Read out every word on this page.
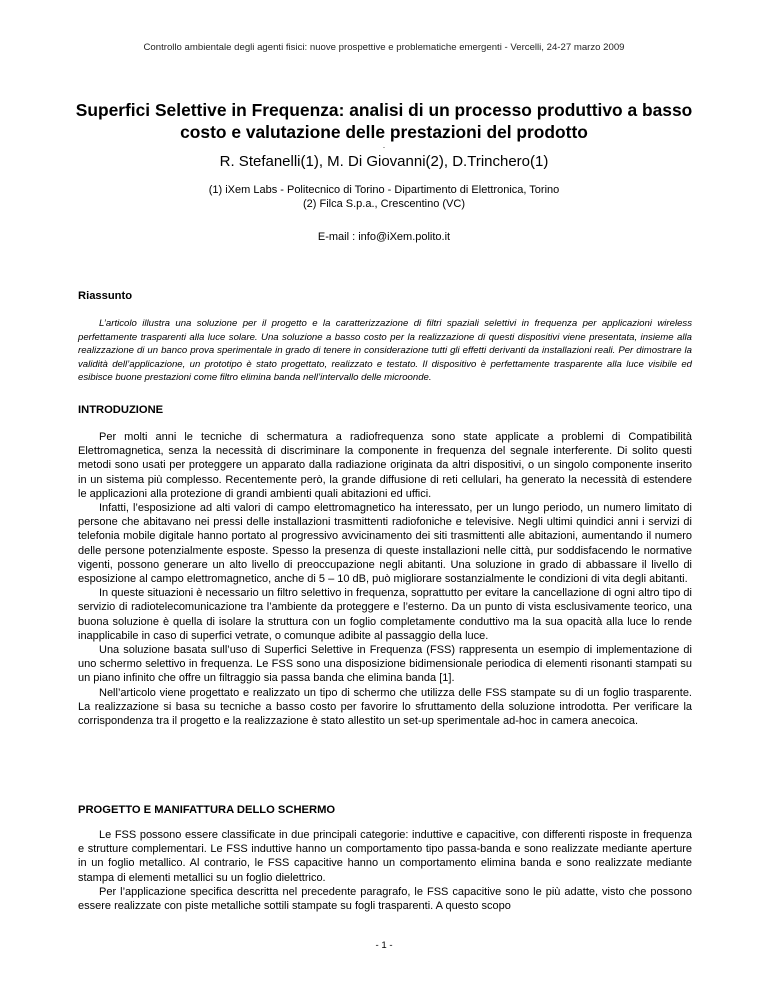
Controllo ambientale degli agenti fisici: nuove prospettive e problematiche emergenti - Vercelli, 24-27 marzo 2009
Superfici Selettive in Frequenza: analisi di un processo produttivo a basso costo e valutazione delle prestazioni del prodotto
.
R. Stefanelli(1), M. Di Giovanni(2), D.Trinchero(1)
(1) iXem Labs - Politecnico di Torino - Dipartimento di Elettronica, Torino
(2) Filca S.p.a., Crescentino (VC)
E-mail : info@iXem.polito.it
Riassunto

L’articolo illustra una soluzione per il progetto e la caratterizzazione di filtri spaziali selettivi in frequenza per applicazioni wireless perfettamente trasparenti alla luce solare. Una soluzione a basso costo per la realizzazione di questi dispositivi viene presentata, insieme alla realizzazione di un banco prova sperimentale in grado di tenere in considerazione tutti gli effetti derivanti da installazioni reali. Per dimostrare la validità dell’applicazione, un prototipo è stato progettato, realizzato e testato. Il dispositivo è perfettamente trasparente alla luce visibile ed esibisce buone prestazioni come filtro elimina banda nell’intervallo delle microonde.

INTRODUZIONE

Per molti anni le tecniche di schermatura a radiofrequenza sono state applicate a problemi di Compatibilità Elettromagnetica, senza la necessità di discriminare la componente in frequenza del segnale interferente. Di solito questi metodi sono usati per proteggere un apparato dalla radiazione originata da altri dispositivi, o un singolo componente inserito in un sistema più complesso. Recentemente però, la grande diffusione di reti cellulari, ha generato la necessità di estendere le applicazioni alla protezione di grandi ambienti quali abitazioni ed uffici.

Infatti, l’esposizione ad alti valori di campo elettromagnetico ha interessato, per un lungo periodo, un numero limitato di persone che abitavano nei pressi delle installazioni trasmittenti radiofoniche e televisive. Negli ultimi quindici anni i servizi di telefonia mobile digitale hanno portato al progressivo avvicinamento dei siti trasmittenti alle abitazioni, aumentando il numero delle persone potenzialmente esposte. Spesso la presenza di queste installazioni nelle città, pur soddisfacendo le normative vigenti, possono generare un alto livello di preoccupazione negli abitanti. Una soluzione in grado di abbassare il livello di esposizione al campo elettromagnetico, anche di 5 – 10 dB, può migliorare sostanzialmente le condizioni di vita degli abitanti.

In queste situazioni è necessario un filtro selettivo in frequenza, soprattutto per evitare la cancellazione di ogni altro tipo di servizio di radiotelecomunicazione tra l’ambiente da proteggere e l’esterno. Da un punto di vista esclusivamente teorico, una buona soluzione è quella di isolare la struttura con un foglio completamente conduttivo ma la sua opacità alla luce lo rende inapplicabile in caso di superfici vetrate, o comunque adibite al passaggio della luce.

Una soluzione basata sull’uso di Superfici Selettive in Frequenza (FSS) rappresenta un esempio di implementazione di uno schermo selettivo in frequenza. Le FSS sono una disposizione bidimensionale periodica di elementi risonanti stampati su un piano infinito che offre un filtraggio sia passa banda che elimina banda [1].

Nell’articolo viene progettato e realizzato un tipo di schermo che utilizza delle FSS stampate su di un foglio trasparente. La realizzazione si basa su tecniche a basso costo per favorire lo sfruttamento della soluzione introdotta. Per verificare la corrispondenza tra il progetto e la realizzazione è stato allestito un set-up sperimentale ad-hoc in camera anecoica.

PROGETTO E MANIFATTURA DELLO SCHERMO

Le FSS possono essere classificate in due principali categorie: induttive e capacitive, con differenti risposte in frequenza e strutture complementari. Le FSS induttive hanno un comportamento tipo passa-banda e sono realizzate mediante aperture in un foglio metallico. Al contrario, le FSS capacitive hanno un comportamento elimina banda e sono realizzate mediante stampa di elementi metallici su un foglio dielettrico.

Per l’applicazione specifica descritta nel precedente paragrafo, le FSS capacitive sono le più adatte, visto che possono essere realizzate con piste metalliche sottili stampate su fogli trasparenti. A questo scopo

- 1 -
